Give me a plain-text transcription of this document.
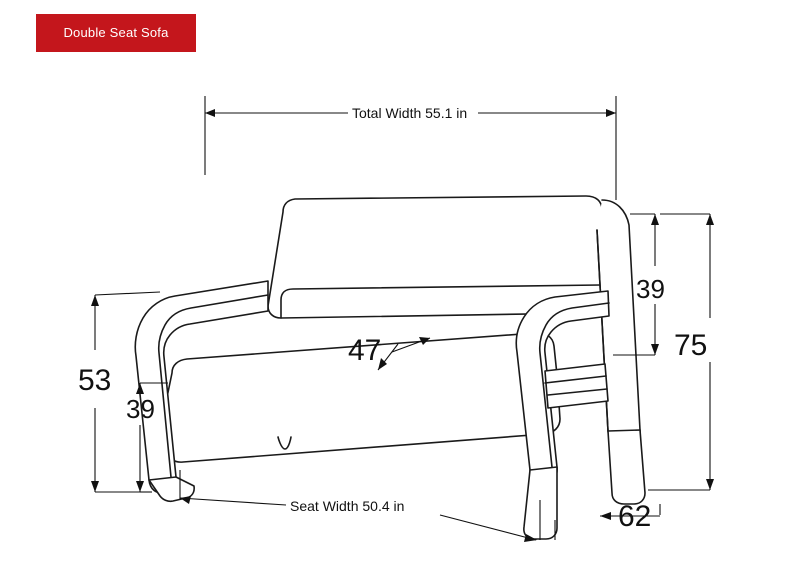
Double Seat Sofa
Total Width 55.1 in
Seat Width 50.4 in
47
53
39
39
75
62
